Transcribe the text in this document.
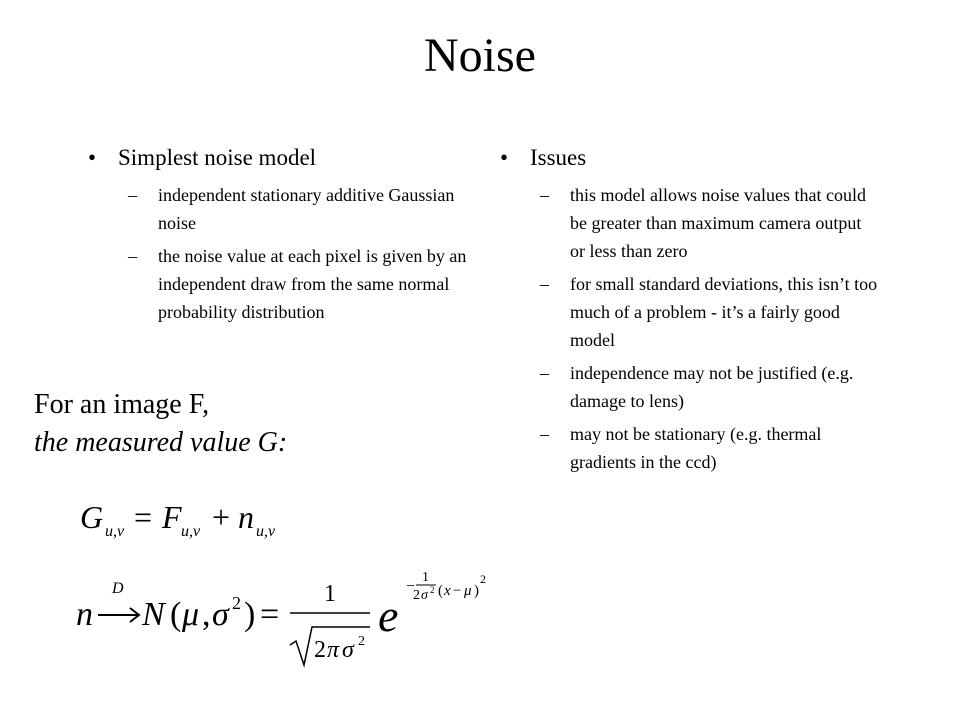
Noise
• Simplest noise model
–	independent stationary additive Gaussian noise
–	the noise value at each pixel is given by an independent draw from the same normal probability distribution
• Issues
–	this model allows noise values that could be greater than maximum camera output or less than zero
–	for small standard deviations, this isn’t too much of a problem - it’s a fairly good model
–	independence may not be justified (e.g. damage to lens)
–	may not be stationary (e.g. thermal gradients in the ccd)
For an image F,
the measured value G:
G u,v = F u,v + n u,v
n
D
N ( μ , σ 2 ) =
1
2 π σ 2
e
−
1
2 σ 2 ( x − μ )
2
